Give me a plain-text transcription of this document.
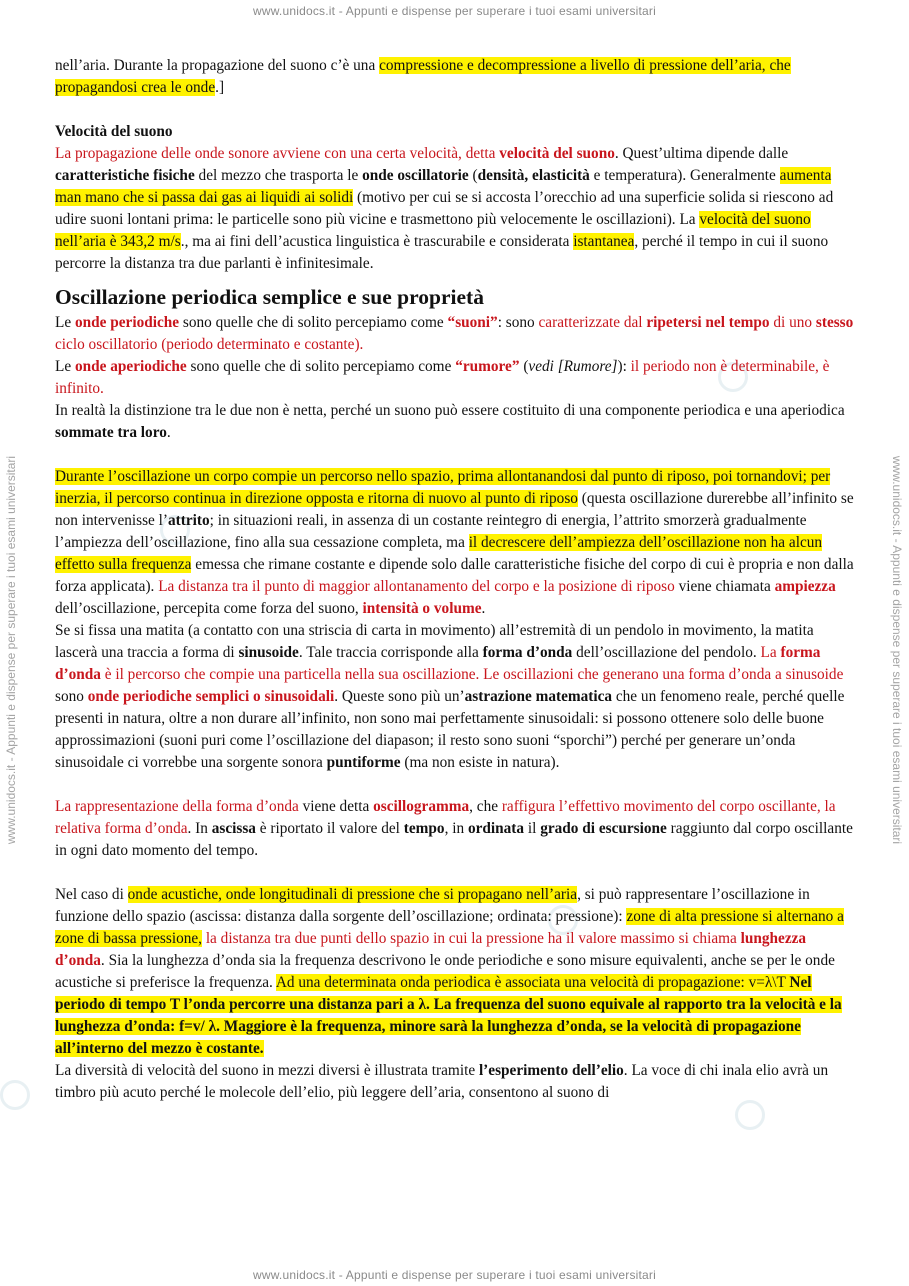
www.unidocs.it - Appunti e dispense per superare i tuoi esami universitari
www.unidocs.it - Appunti e dispense per superare i tuoi esami universitari
www.unidocs.it - Appunti e dispense per superare i tuoi esami universitari	www.unidocs.it - Appunti e dispense per superare i tuoi esami universitari

nell’aria. Durante la propagazione del suono c’è una compressione e decompressione a livello di pressione dell’aria, che propagandosi crea le onde.]

Velocità del suono

La propagazione delle onde sonore avviene con una certa velocità, detta velocità del suono. Quest’ultima dipende dalle caratteristiche fisiche del mezzo che trasporta le onde oscillatorie (densità, elasticità e temperatura). Generalmente aumenta man mano che si passa dai gas ai liquidi ai solidi (motivo per cui se si accosta l’orecchio ad una superficie solida si riescono ad udire suoni lontani prima: le particelle sono più vicine e trasmettono più velocemente le oscillazioni). La velocità del suono nell’aria è 343,2 m/s., ma ai fini dell’acustica linguistica è trascurabile e considerata istantanea, perché il tempo in cui il suono percorre la distanza tra due parlanti è infinitesimale.

Oscillazione periodica semplice e sue proprietà

Le onde periodiche sono quelle che di solito percepiamo come “suoni”: sono caratterizzate dal ripetersi nel tempo di uno stesso ciclo oscillatorio (periodo determinato e costante).

Le onde aperiodiche sono quelle che di solito percepiamo come “rumore” (vedi [Rumore]): il periodo non è determinabile, è infinito.

In realtà la distinzione tra le due non è netta, perché un suono può essere costituito di una componente periodica e una aperiodica sommate tra loro.

Durante l’oscillazione un corpo compie un percorso nello spazio, prima allontanandosi dal punto di riposo, poi tornandovi; per inerzia, il percorso continua in direzione opposta e ritorna di nuovo al punto di riposo (questa oscillazione durerebbe all’infinito se non intervenisse l’attrito; in situazioni reali, in assenza di un costante reintegro di energia, l’attrito smorzerà gradualmente l’ampiezza dell’oscillazione, fino alla sua cessazione completa, ma il decrescere dell’ampiezza dell’oscillazione non ha alcun effetto sulla frequenza emessa che rimane costante e dipende solo dalle caratteristiche fisiche del corpo di cui è propria e non dalla forza applicata). La distanza tra il punto di maggior allontanamento del corpo e la posizione di riposo viene chiamata ampiezza dell’oscillazione, percepita come forza del suono, intensità o volume.

Se si fissa una matita (a contatto con una striscia di carta in movimento) all’estremità di un pendolo in movimento, la matita lascerà una traccia a forma di sinusoide. Tale traccia corrisponde alla forma d’onda dell’oscillazione del pendolo. La forma d’onda è il percorso che compie una particella nella sua oscillazione. Le oscillazioni che generano una forma d’onda a sinusoide sono onde periodiche semplici o sinusoidali. Queste sono più un’astrazione matematica che un fenomeno reale, perché quelle presenti in natura, oltre a non durare all’infinito, non sono mai perfettamente sinusoidali: si possono ottenere solo delle buone approssimazioni (suoni puri come l’oscillazione del diapason; il resto sono suoni “sporchi”) perché per generare un’onda sinusoidale ci vorrebbe una sorgente sonora puntiforme (ma non esiste in natura).

La rappresentazione della forma d’onda viene detta oscillogramma, che raffigura l’effettivo movimento del corpo oscillante, la relativa forma d’onda. In ascissa è riportato il valore del tempo, in ordinata il grado di escursione raggiunto dal corpo oscillante in ogni dato momento del tempo.

Nel caso di onde acustiche, onde longitudinali di pressione che si propagano nell’aria, si può rappresentare l’oscillazione in funzione dello spazio (ascissa: distanza dalla sorgente dell’oscillazione; ordinata: pressione): zone di alta pressione si alternano a zone di bassa pressione, la distanza tra due punti dello spazio in cui la pressione ha il valore massimo si chiama lunghezza d’onda. Sia la lunghezza d’onda sia la frequenza descrivono le onde periodiche e sono misure equivalenti, anche se per le onde acustiche si preferisce la frequenza. Ad una determinata onda periodica è associata una velocità di propagazione: v=λ\T Nel periodo di tempo T l’onda percorre una distanza pari a λ. La frequenza del suono equivale al rapporto tra la velocità e la lunghezza d’onda: f=v/ λ. Maggiore è la frequenza, minore sarà la lunghezza d’onda, se la velocità di propagazione all’interno del mezzo è costante.

La diversità di velocità del suono in mezzi diversi è illustrata tramite l’esperimento dell’elio. La voce di chi inala elio avrà un timbro più acuto perché le molecole dell’elio, più leggere dell’aria, consentono al suono di
